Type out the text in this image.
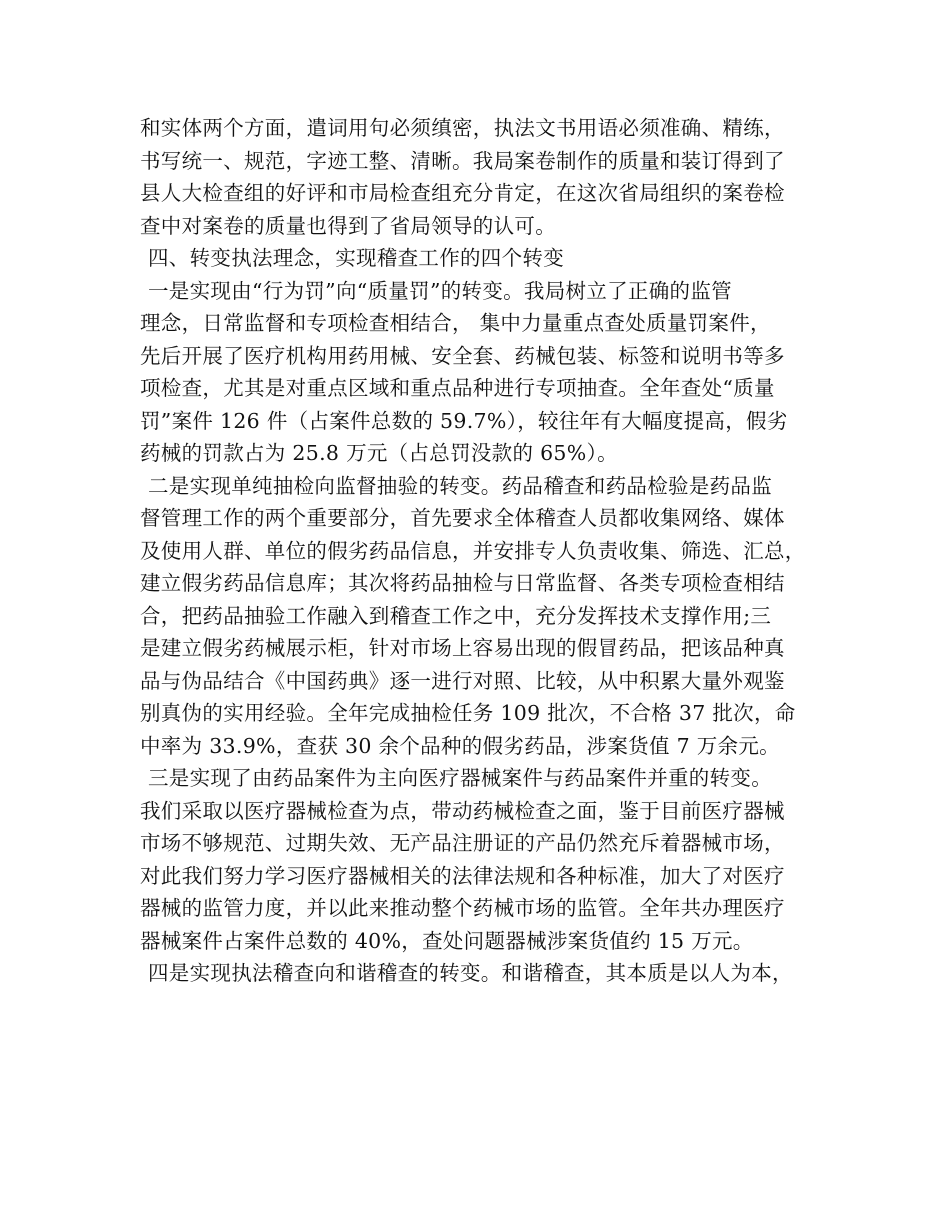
和实体两个方面，遣词用句必须缜密，执法文书用语必须准确、精练，
书写统一、规范，字迹工整、清晰。我局案卷制作的质量和装订得到了
县人大检查组的好评和市局检查组充分肯定，在这次省局组织的案卷检
查中对案卷的质量也得到了省局领导的认可。
四、转变执法理念，实现稽查工作的四个转变
一是实现由“行为罚”向“质量罚”的转变。我局树立了正确的监管
理念，日常监督和专项检查相结合， 集中力量重点查处质量罚案件，
先后开展了医疗机构用药用械、安全套、药械包装、标签和说明书等多
项检查，尤其是对重点区域和重点品种进行专项抽查。全年查处“质量
罚”案件 126 件（占案件总数的 59.7%），较往年有大幅度提高，假劣
药械的罚款占为 25.8 万元（占总罚没款的 65%）。
二是实现单纯抽检向监督抽验的转变。药品稽查和药品检验是药品监
督管理工作的两个重要部分，首先要求全体稽查人员都收集网络、媒体
及使用人群、单位的假劣药品信息，并安排专人负责收集、筛选、汇总，
建立假劣药品信息库；其次将药品抽检与日常监督、各类专项检查相结
合，把药品抽验工作融入到稽查工作之中，充分发挥技术支撑作用;三
是建立假劣药械展示柜，针对市场上容易出现的假冒药品，把该品种真
品与伪品结合《中国药典》逐一进行对照、比较，从中积累大量外观鉴
别真伪的实用经验。全年完成抽检任务 109 批次，不合格 37 批次，命
中率为 33.9%，查获 30 余个品种的假劣药品，涉案货值 7 万余元。
三是实现了由药品案件为主向医疗器械案件与药品案件并重的转变。
我们采取以医疗器械检查为点，带动药械检查之面，鉴于目前医疗器械
市场不够规范、过期失效、无产品注册证的产品仍然充斥着器械市场，
对此我们努力学习医疗器械相关的法律法规和各种标准，加大了对医疗
器械的监管力度，并以此来推动整个药械市场的监管。全年共办理医疗
器械案件占案件总数的 40%，查处问题器械涉案货值约 15 万元。
四是实现执法稽查向和谐稽查的转变。和谐稽查，其本质是以人为本，
